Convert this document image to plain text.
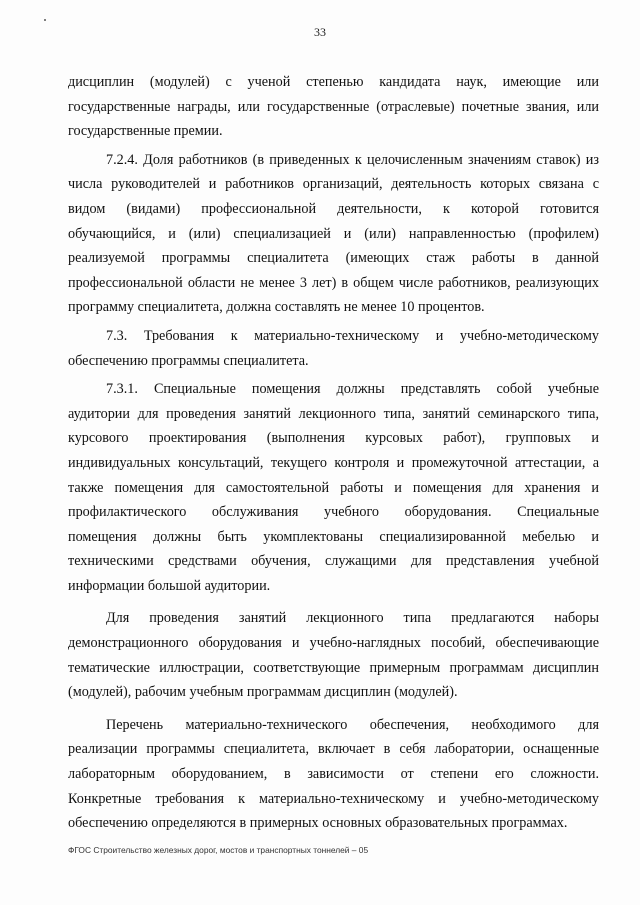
33
дисциплин (модулей) с ученой степенью кандидата наук, имеющие или
государственные награды, или государственные (отраслевые) почетные звания, или
государственные премии.
7.2.4. Доля работников (в приведенных к целочисленным значениям ставок) из
числа руководителей и работников организаций, деятельность которых связана с
видом (видами) профессиональной деятельности, к которой готовится
обучающийся, и (или) специализацией и (или) направленностью (профилем)
реализуемой программы специалитета (имеющих стаж работы в данной
профессиональной области не менее 3 лет) в общем числе работников, реализующих
программу специалитета, должна составлять не менее 10 процентов.
7.3. Требования к материально-техническому и учебно-методическому
обеспечению программы специалитета.
7.3.1. Специальные помещения должны представлять собой учебные
аудитории для проведения занятий лекционного типа, занятий семинарского типа,
курсового проектирования (выполнения курсовых работ), групповых и
индивидуальных консультаций, текущего контроля и промежуточной аттестации, а
также помещения для самостоятельной работы и помещения для хранения и
профилактического обслуживания учебного оборудования. Специальные
помещения должны быть укомплектованы специализированной мебелью и
техническими средствами обучения, служащими для представления учебной
информации большой аудитории.
Для проведения занятий лекционного типа предлагаются наборы
демонстрационного оборудования и учебно-наглядных пособий, обеспечивающие
тематические иллюстрации, соответствующие примерным программам дисциплин
(модулей), рабочим учебным программам дисциплин (модулей).
Перечень материально-технического обеспечения, необходимого для
реализации программы специалитета, включает в себя лаборатории, оснащенные
лабораторным оборудованием, в зависимости от степени его сложности.
Конкретные требования к материально-техническому и учебно-методическому
обеспечению определяются в примерных основных образовательных программах.
ФГОС Строительство железных дорог, мостов и транспортных тоннелей – 05
